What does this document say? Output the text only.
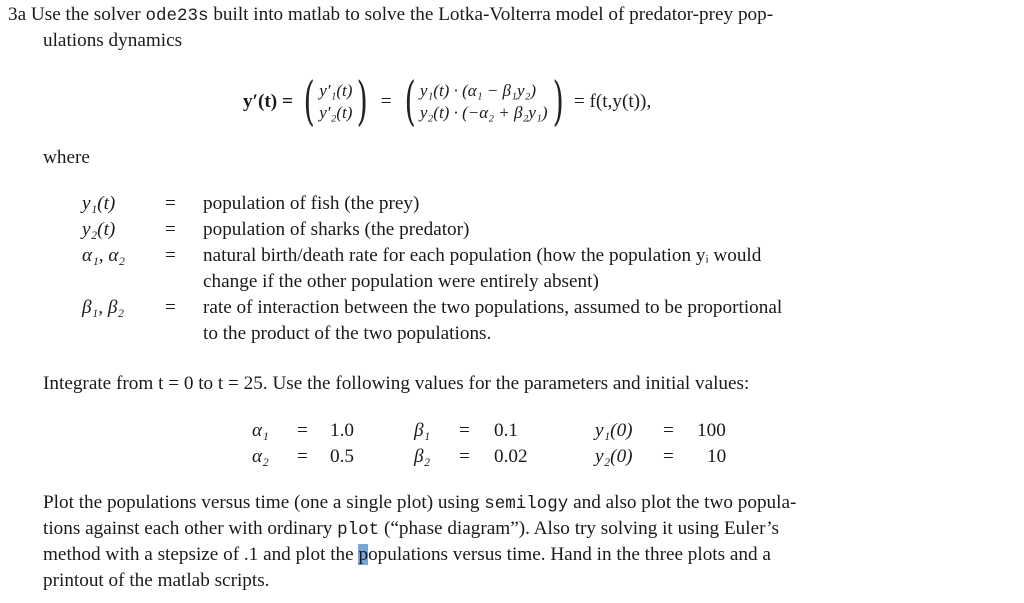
3a Use the solver ode23s built into matlab to solve the Lotka-Volterra model of predator-prey pop-
ulations dynamics
y′(t) = ( y′₁(t)
y′₂(t) ) = ( y₁(t) · (α₁ − β₁y₂)
y₂(t) · (−α₂ + β₂y₁) ) = f(t,y(t)),
where
y₁(t)	= population of fish (the prey)
y₂(t)	= population of sharks (the predator)
α₁, α₂ = natural birth/death rate for each population (how the population yᵢ would
change if the other population were entirely absent)
β₁, β₂ = rate of interaction between the two populations, assumed to be proportional
to the product of the two populations.
Integrate from t = 0 to t = 25. Use the following values for the parameters and initial values:
α₁ = 1.0
α₂ = 0.5
β₁ = 0.1
β₂ = 0.02
y₁(0) = 100
y₂(0) = 10
Plot the populations versus time (one a single plot) using semilogy and also plot the two popula-
tions against each other with ordinary plot (“phase diagram”). Also try solving it using Euler’s
method with a stepsize of .1 and plot the populations versus time. Hand in the three plots and a
printout of the matlab scripts.
